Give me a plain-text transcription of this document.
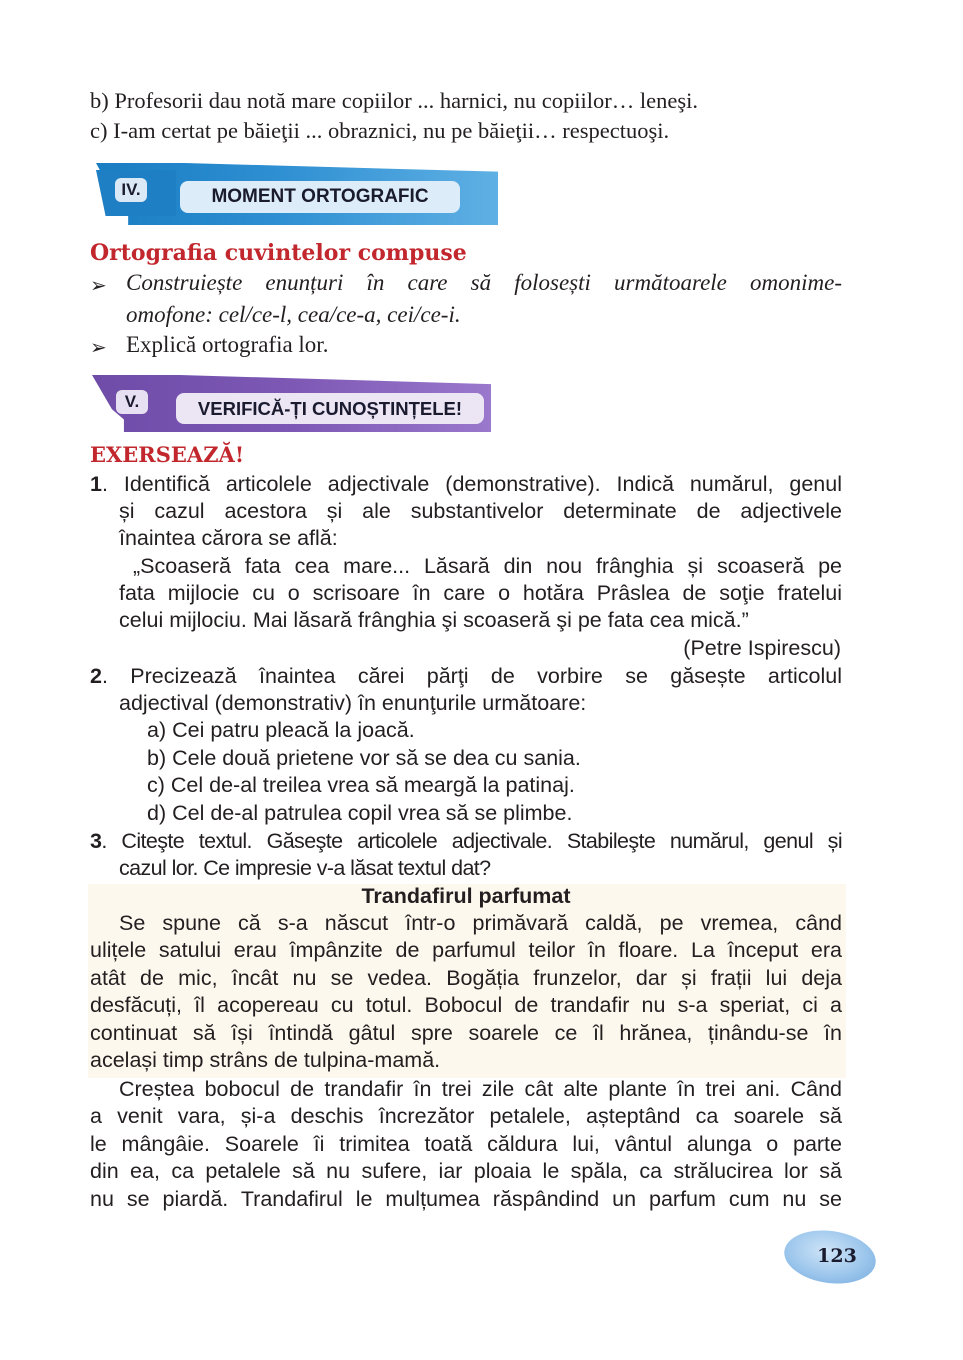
b) Profesorii dau notă mare copiilor ... harnici, nu copiilor… leneşi.
c) I-am certat pe băieţii ... obraznici, nu pe băieţii… respectuoşi.
IV.	MOMENT ORTOGRAFIC
Ortografia cuvintelor compuse
➢ Construiește enunțuri în care să folosești următoarele omonime-
omofone: cel/ce-l, cea/ce-a, cei/ce-i.
➢ Explică ortografia lor.
V.	VERIFICĂ-ȚI CUNOȘTINȚELE!
EXERSEAZĂ!
1. Identifică articolele adjectivale (demonstrative). Indică numărul, genul
și cazul acestora și ale substantivelor determinate de adjectivele
înaintea cărora se află:
„Scoaseră fata cea mare... Lăsară din nou frânghia și scoaseră pe
fata mijlocie cu o scrisoare în care o hotăra Prâslea de soţie fratelui
celui mijlociu. Mai lăsară frânghia şi scoaseră şi pe fata cea mică.”
(Petre Ispirescu)
2. Precizează înaintea cărei părţi de vorbire se găsește articolul
adjectival (demonstrativ) în enunţurile următoare:
a) Cei patru pleacă la joacă.
b) Cele două prietene vor să se dea cu sania.
c) Cel de-al treilea vrea să meargă la patinaj.
d) Cel de-al patrulea copil vrea să se plimbe.
3. Citeşte textul. Găseşte articolele adjectivale. Stabileşte numărul, genul și
cazul lor. Ce impresie v-a lăsat textul dat?
Trandafirul parfumat
Se spune că s-a născut într-o primăvară caldă, pe vremea, când
ulițele satului erau împânzite de parfumul teilor în floare. La început era
atât de mic, încât nu se vedea. Bogăția frunzelor, dar și frații lui deja
desfăcuți, îl acopereau cu totul. Bobocul de trandafir nu s-a speriat, ci a
continuat să își întindă gâtul spre soarele ce îl hrănea, ținându-se în
același timp strâns de tulpina-mamă.
Creștea bobocul de trandafir în trei zile cât alte plante în trei ani. Când
a venit vara, și-a deschis încrezător petalele, așteptând ca soarele să
le mângâie. Soarele îi trimitea toată căldura lui, vântul alunga o parte
din ea, ca petalele să nu sufere, iar ploaia le spăla, ca strălucirea lor să
nu se piardă. Trandafirul le mulțumea răspândind un parfum cum nu se
123
